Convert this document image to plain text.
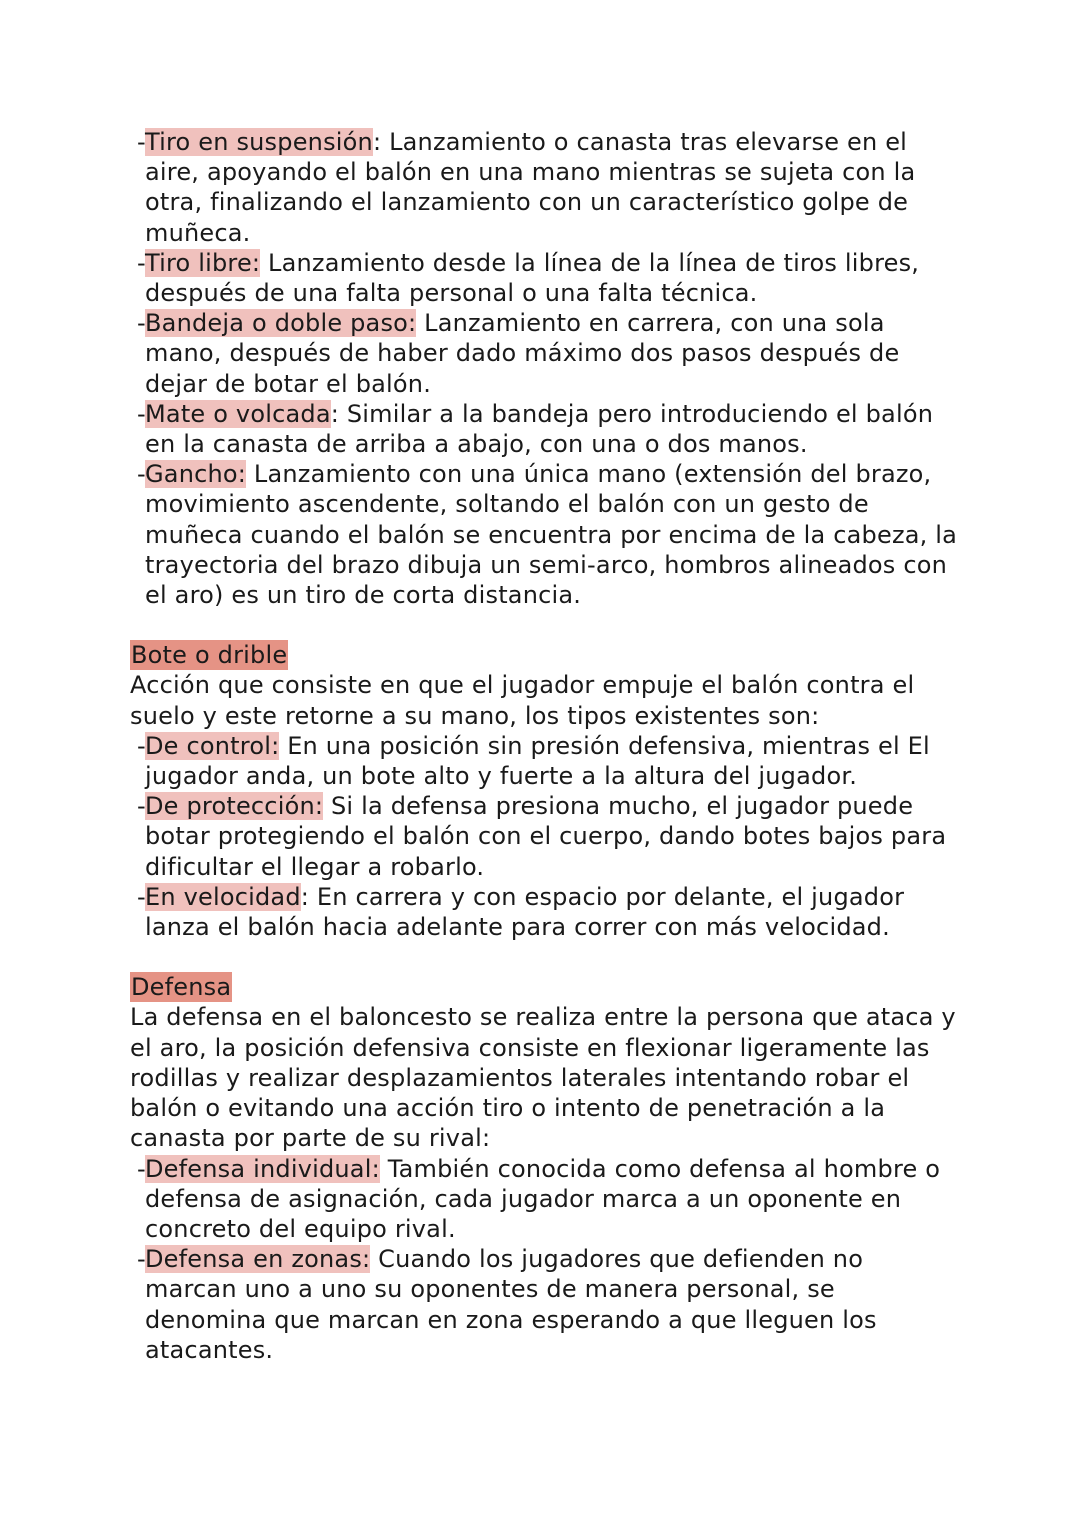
- Tiro en suspensión: Lanzamiento o canasta tras elevarse en el aire, apoyando el balón en una mano mientras se sujeta con la otra, finalizando el lanzamiento con un característico golpe de muñeca.
- Tiro libre: Lanzamiento desde la línea de la línea de tiros libres, después de una falta personal o una falta técnica.
- Bandeja o doble paso: Lanzamiento en carrera, con una sola mano, después de haber dado máximo dos pasos después de dejar de botar el balón.
- Mate o volcada: Similar a la bandeja pero introduciendo el balón en la canasta de arriba a abajo, con una o dos manos.
- Gancho: Lanzamiento con una única mano (extensión del brazo, movimiento ascendente, soltando el balón con un gesto de muñeca cuando el balón se encuentra por encima de la cabeza, la trayectoria del brazo dibuja un semi-arco, hombros alineados con el aro) es un tiro de corta distancia.
Bote o drible

Acción que consiste en que el jugador empuje el balón contra el suelo y este retorne a su mano, los tipos existentes son:

- De control: En una posición sin presión defensiva, mientras el El jugador anda, un bote alto y fuerte a la altura del jugador.
- De protección: Si la defensa presiona mucho, el jugador puede botar protegiendo el balón con el cuerpo, dando botes bajos para dificultar el llegar a robarlo.
- En velocidad: En carrera y con espacio por delante, el jugador lanza el balón hacia adelante para correr con más velocidad.
Defensa

La defensa en el baloncesto se realiza entre la persona que ataca y el aro, la posición defensiva consiste en flexionar ligeramente las rodillas y realizar desplazamientos laterales intentando robar el balón o evitando una acción tiro o intento de penetración a la canasta por parte de su rival:

- Defensa individual: También conocida como defensa al hombre o defensa de asignación, cada jugador marca a un oponente en concreto del equipo rival.
- Defensa en zonas: Cuando los jugadores que defienden no marcan uno a uno su oponentes de manera personal, se denomina que marcan en zona esperando a que lleguen los atacantes.
